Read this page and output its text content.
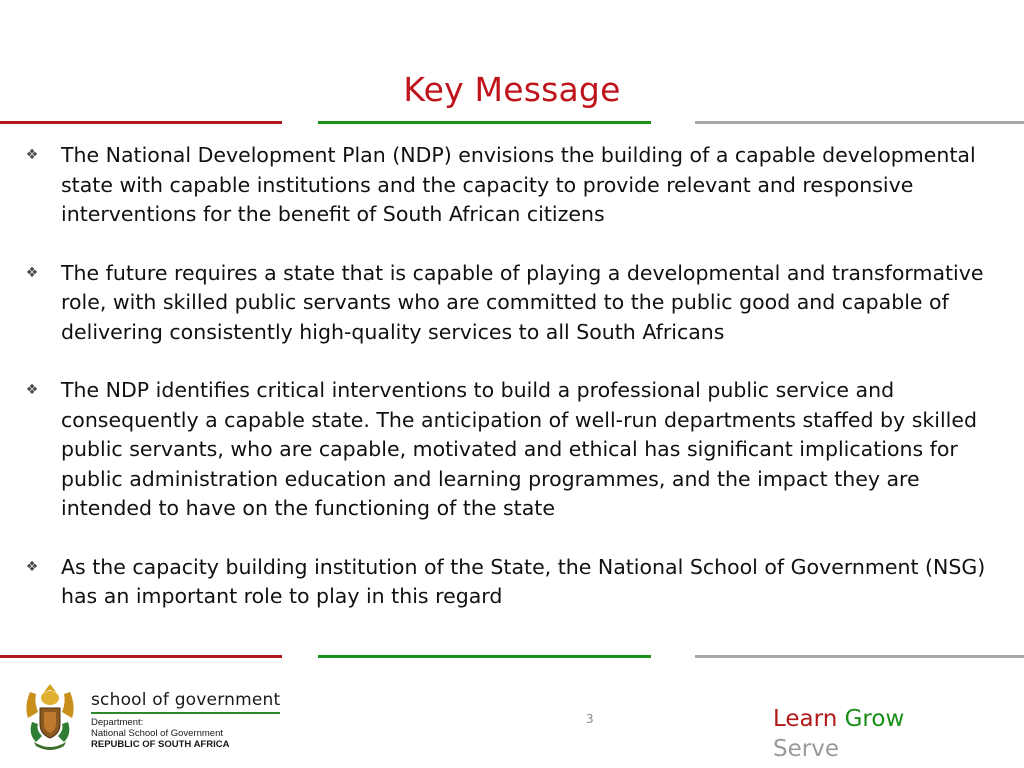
Key Message
❖ The National Development Plan (NDP) envisions the building of a capable developmental state with capable institutions and the capacity to provide relevant and responsive interventions for the benefit of South African citizens
❖ The future requires a state that is capable of playing a developmental and transformative role, with skilled public servants who are committed to the public good and capable of delivering consistently high-quality services to all South Africans
❖ The NDP identifies critical interventions to build a professional public service and consequently a capable state. The anticipation of well-run departments staffed by skilled public servants, who are capable, motivated and ethical has significant implications for public administration education and learning programmes, and the impact they are intended to have on the functioning of the state
❖ As the capacity building institution of the State, the National School of Government (NSG) has an important role to play in this regard
school of government
Department:
National School of Government
REPUBLIC OF SOUTH AFRICA
3	Learn Grow
Serve
